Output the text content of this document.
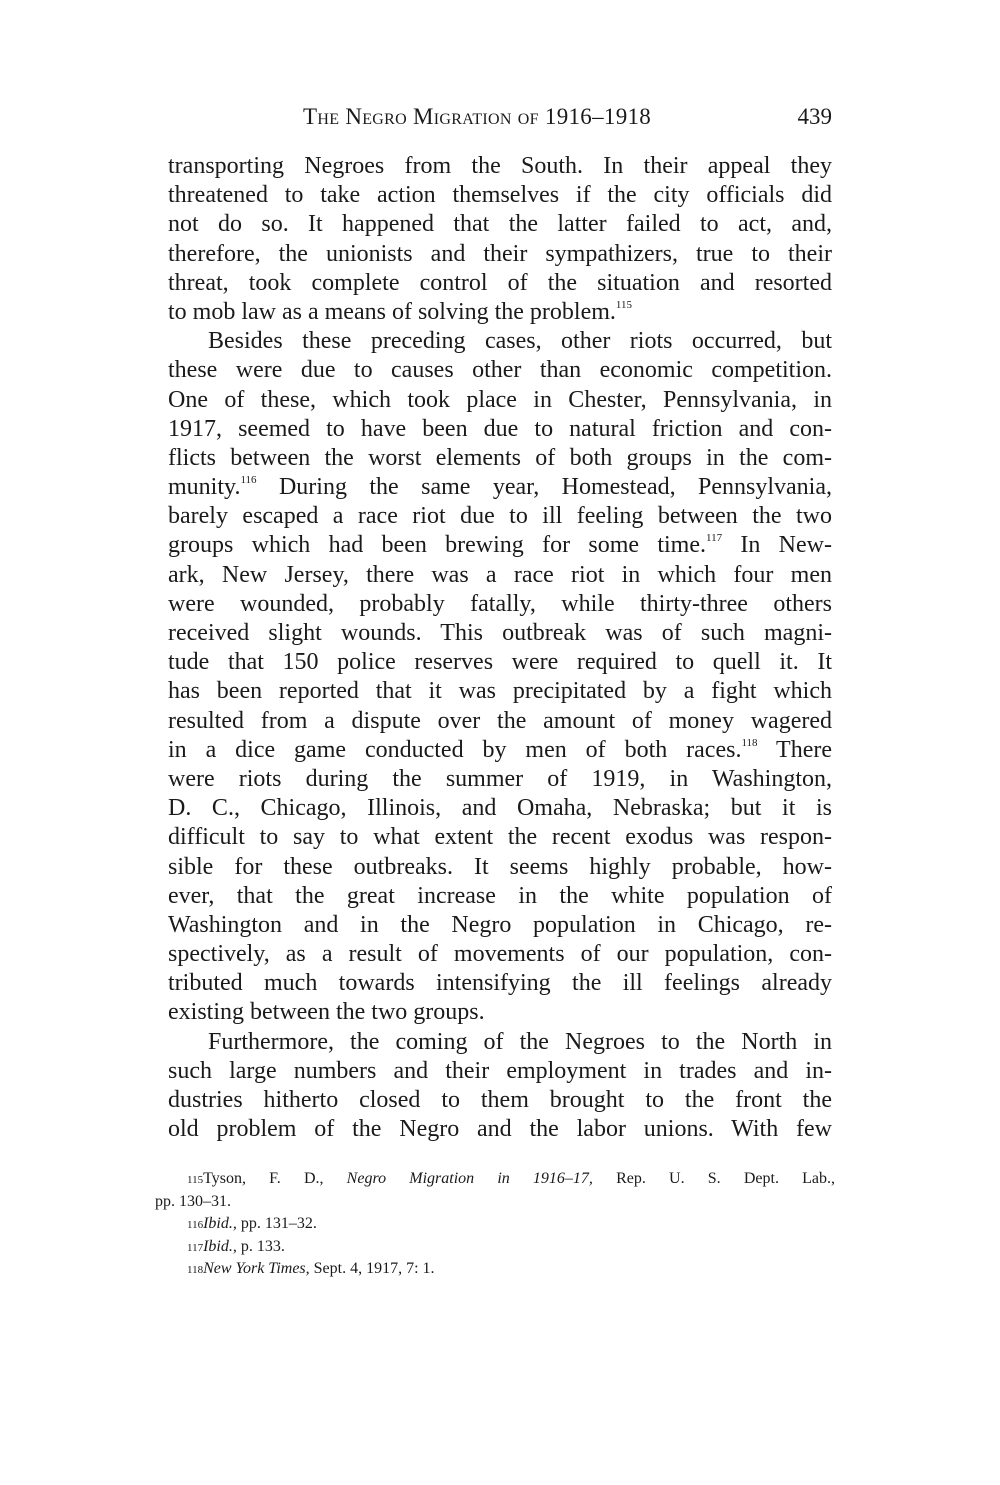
The Negro Migration of 1916–1918	439
transporting Negroes from the South. In their appeal they
threatened to take action themselves if the city officials did
not do so. It happened that the latter failed to act, and,
therefore, the unionists and their sympathizers, true to their
threat, took complete control of the situation and resorted
to mob law as a means of solving the problem.$^{115}$
Besides these preceding cases, other riots occurred, but
these were due to causes other than economic competition.
One of these, which took place in Chester, Pennsylvania, in
1917, seemed to have been due to natural friction and con-
flicts between the worst elements of both groups in the com-
munity.$^{116}$ During the same year, Homestead, Pennsylvania,
barely escaped a race riot due to ill feeling between the two
groups which had been brewing for some time.$^{117}$ In New-
ark, New Jersey, there was a race riot in which four men
were wounded, probably fatally, while thirty-three others
received slight wounds. This outbreak was of such magni-
tude that 150 police reserves were required to quell it. It
has been reported that it was precipitated by a fight which
resulted from a dispute over the amount of money wagered
in a dice game conducted by men of both races.$^{118}$ There
were riots during the summer of 1919, in Washington,
D. C., Chicago, Illinois, and Omaha, Nebraska; but it is
difficult to say to what extent the recent exodus was respon-
sible for these outbreaks. It seems highly probable, how-
ever, that the great increase in the white population of
Washington and in the Negro population in Chicago, re-
spectively, as a result of movements of our population, con-
tributed much towards intensifying the ill feelings already
existing between the two groups.
Furthermore, the coming of the Negroes to the North in
such large numbers and their employment in trades and in-
dustries hitherto closed to them brought to the front the
old problem of the Negro and the labor unions. With few
$^{115}$Tyson, F. D., Negro Migration in 1916–17, Rep. U. S. Dept. Lab.,
pp. 130–31.
$^{116}$Ibid., pp. 131–32.
$^{117}$Ibid., p. 133.
$^{118}$New York Times, Sept. 4, 1917, 7: 1.
